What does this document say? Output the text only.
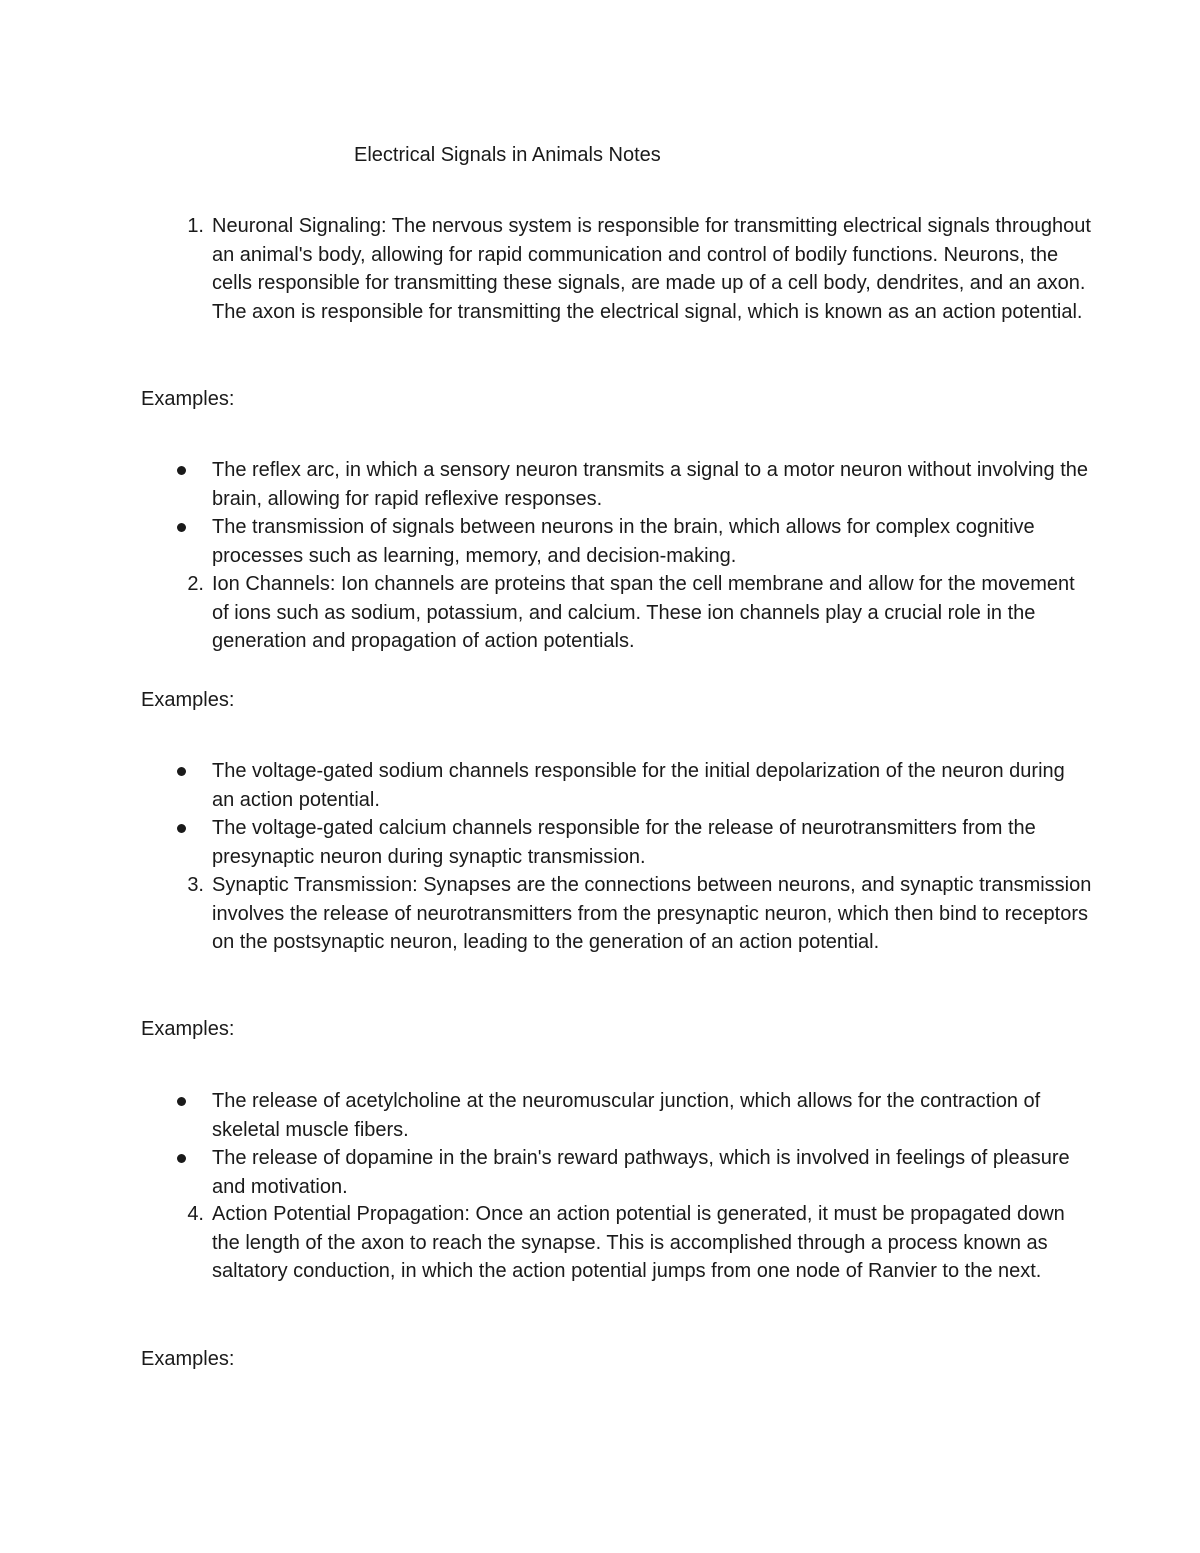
Electrical Signals in Animals Notes
1. Neuronal Signaling: The nervous system is responsible for transmitting electrical signals throughout an animal's body, allowing for rapid communication and control of bodily functions. Neurons, the cells responsible for transmitting these signals, are made up of a cell body, dendrites, and an axon. The axon is responsible for transmitting the electrical signal, which is known as an action potential.
Examples:
The reflex arc, in which a sensory neuron transmits a signal to a motor neuron without involving the brain, allowing for rapid reflexive responses.
The transmission of signals between neurons in the brain, which allows for complex cognitive processes such as learning, memory, and decision-making.
2. Ion Channels: Ion channels are proteins that span the cell membrane and allow for the movement of ions such as sodium, potassium, and calcium. These ion channels play a crucial role in the generation and propagation of action potentials.
Examples:
The voltage-gated sodium channels responsible for the initial depolarization of the neuron during an action potential.
The voltage-gated calcium channels responsible for the release of neurotransmitters from the presynaptic neuron during synaptic transmission.
3. Synaptic Transmission: Synapses are the connections between neurons, and synaptic transmission involves the release of neurotransmitters from the presynaptic neuron, which then bind to receptors on the postsynaptic neuron, leading to the generation of an action potential.
Examples:
The release of acetylcholine at the neuromuscular junction, which allows for the contraction of skeletal muscle fibers.
The release of dopamine in the brain's reward pathways, which is involved in feelings of pleasure and motivation.
4. Action Potential Propagation: Once an action potential is generated, it must be propagated down the length of the axon to reach the synapse. This is accomplished through a process known as saltatory conduction, in which the action potential jumps from one node of Ranvier to the next.
Examples:
